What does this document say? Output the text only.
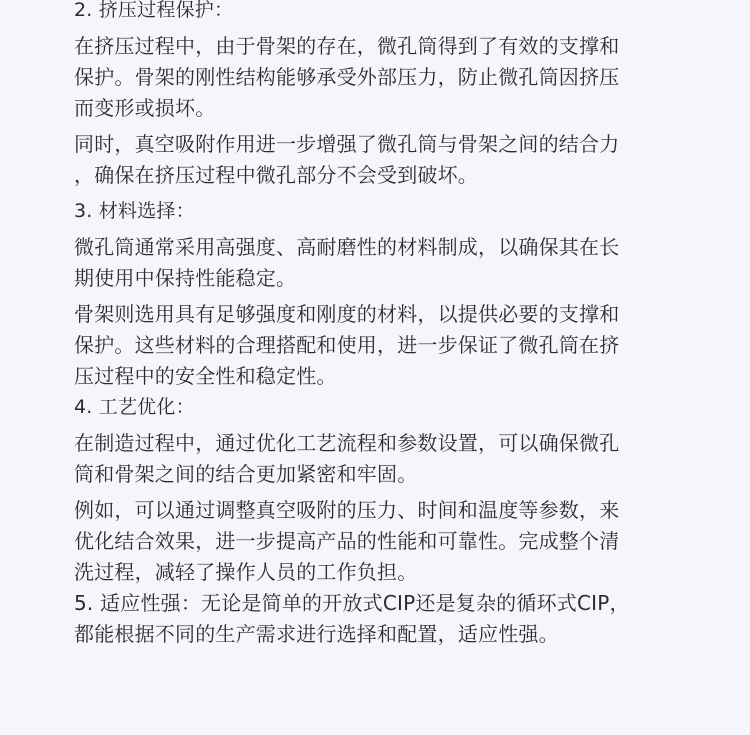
2. 挤压过程保护：
在挤压过程中，由于骨架的存在，微孔筒得到了有效的支撑和
保护。骨架的刚性结构能够承受外部压力，防止微孔筒因挤压
而变形或损坏。
同时，真空吸附作用进一步增强了微孔筒与骨架之间的结合力
，确保在挤压过程中微孔部分不会受到破坏。
3. 材料选择：
微孔筒通常采用高强度、高耐磨性的材料制成，以确保其在长
期使用中保持性能稳定。
骨架则选用具有足够强度和刚度的材料，以提供必要的支撑和
保护。这些材料的合理搭配和使用，进一步保证了微孔筒在挤
压过程中的安全性和稳定性。
4. 工艺优化：
在制造过程中，通过优化工艺流程和参数设置，可以确保微孔
筒和骨架之间的结合更加紧密和牢固。
例如，可以通过调整真空吸附的压力、时间和温度等参数，来
优化结合效果，进一步提高产品的性能和可靠性。完成整个清
洗过程，减轻了操作人员的工作负担。
5. 适应性强：无论是简单的开放式CIP还是复杂的循环式CIP，
都能根据不同的生产需求进行选择和配置，适应性强。
